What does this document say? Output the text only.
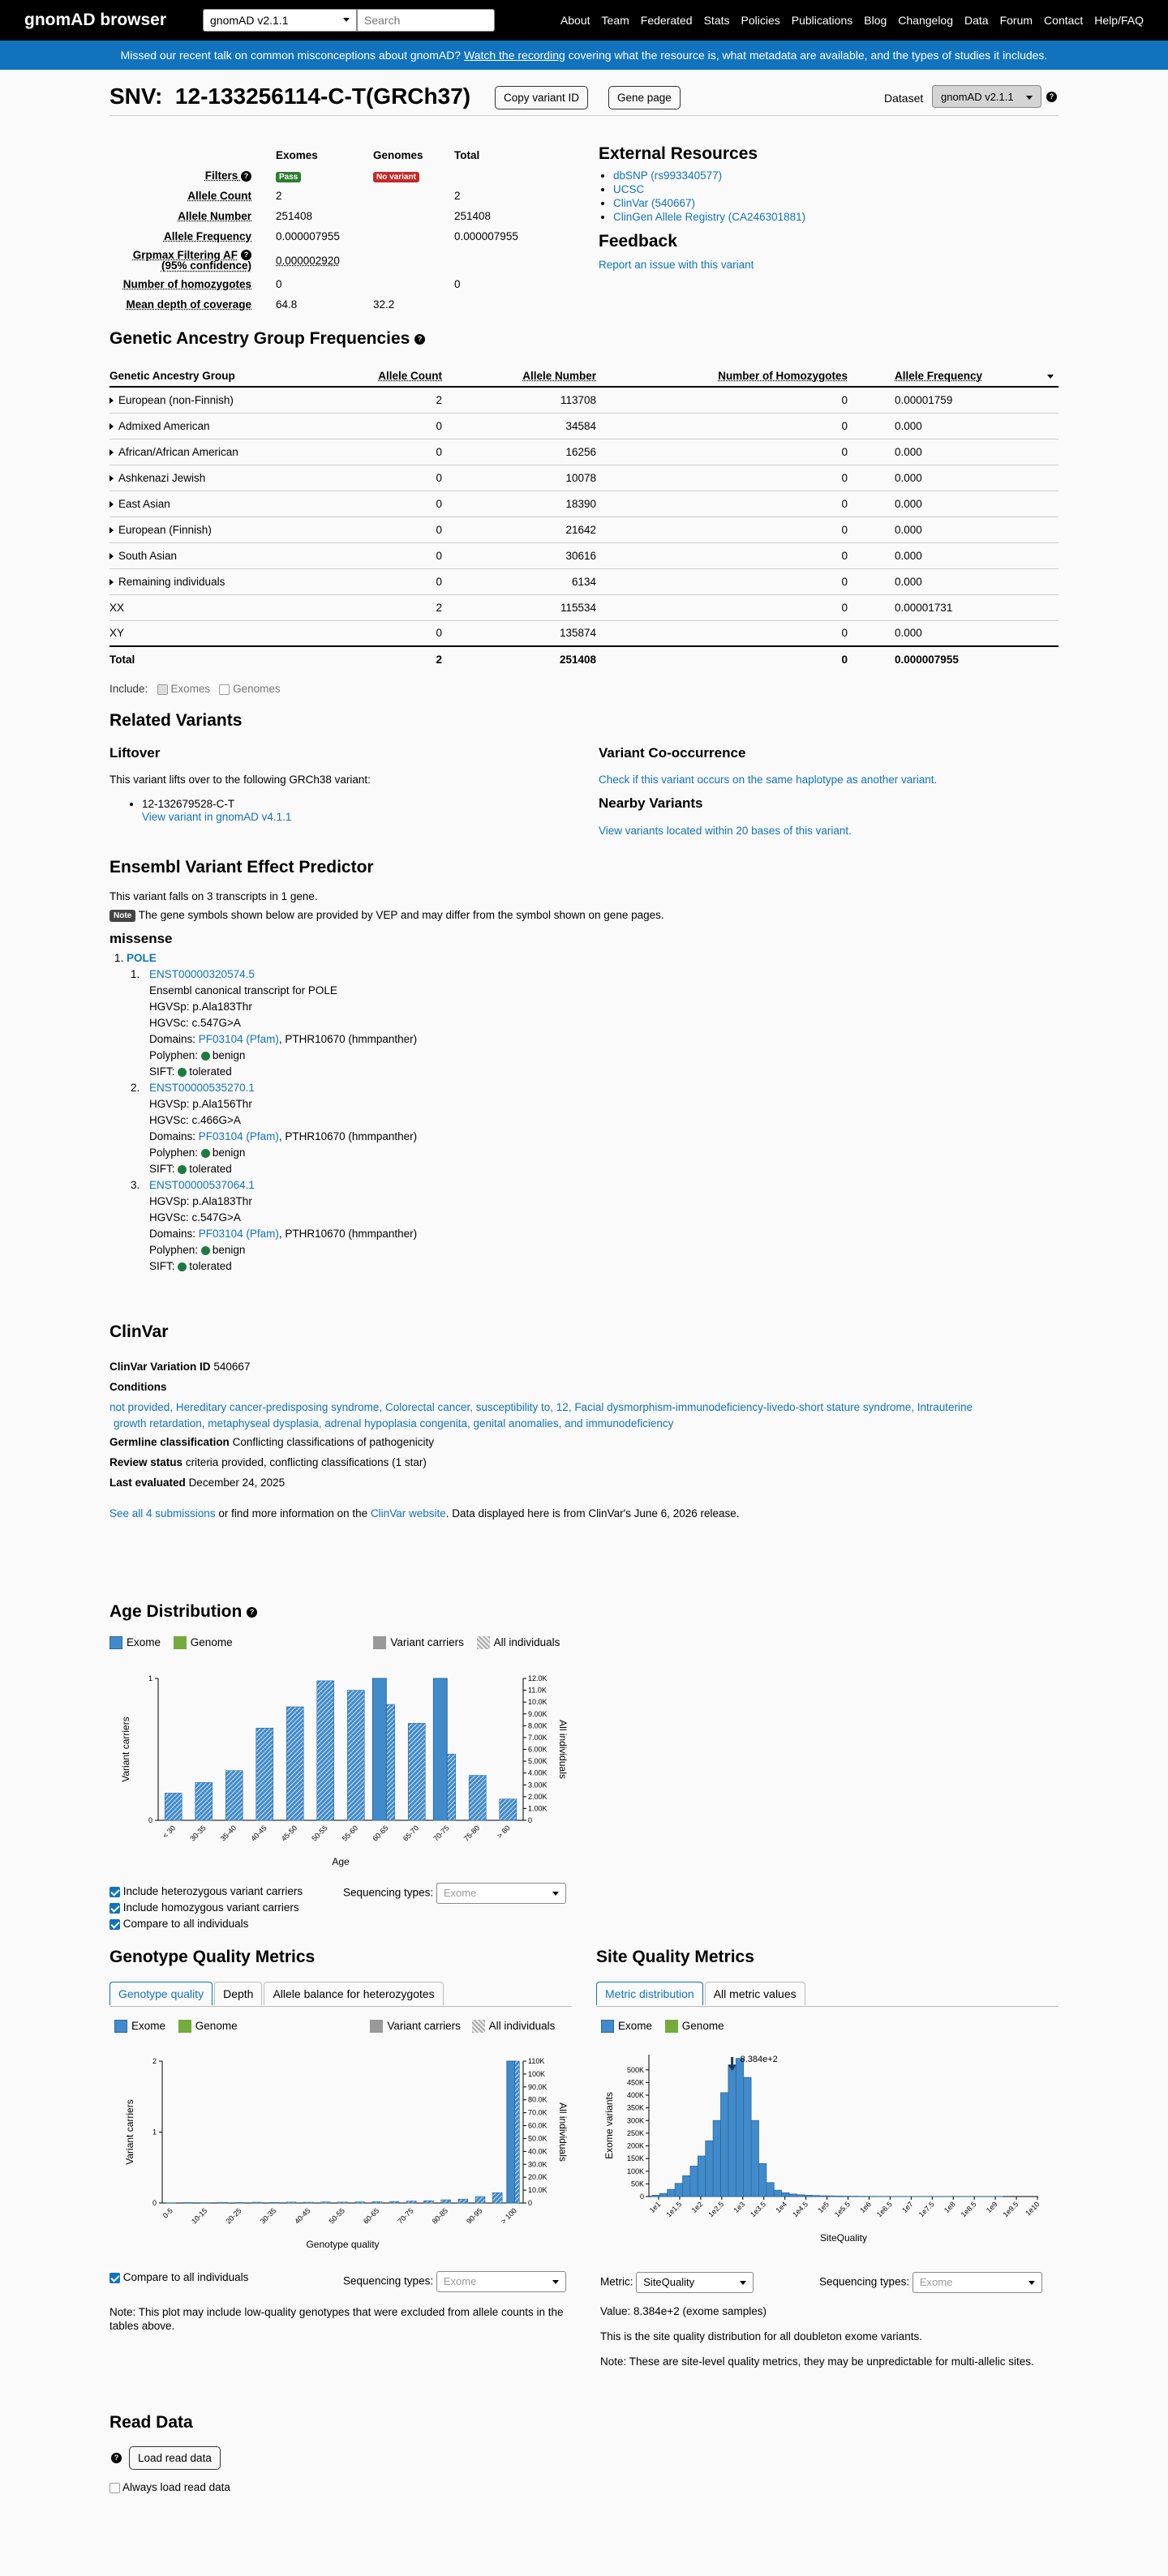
gnomAD browser	gnomAD v2.1.1
Search	About Team Federated Stats Policies Publications Blog Changelog Data Forum Contact Help/FAQ
Missed our recent talk on common misconceptions about gnomAD? Watch the recording covering what the resource is, what metadata are available, and the types of studies it includes.
SNV: 12-133256114-C-T(GRCh37)	Copy variant ID	Gene page	Dataset	gnomAD v2.1.1	?
	Exomes	Genomes	Total
Filters ?	Pass	No variant	
Allele Count	2		2
Allele Number	251408		251408
Allele Frequency	0.000007955		0.000007955
Grpmax Filtering AF ?
(95% confidence)	0.000002920		
Number of homozygotes	0		0
Mean depth of coverage	64.8	32.2	
External Resources
• dbSNP (rs993340577)
• UCSC
• ClinVar (540667)
• ClinGen Allele Registry (CA246301881)
Feedback
Report an issue with this variant
Genetic Ancestry Group Frequencies ?
Genetic Ancestry Group	Allele Count	Allele Number	Number of Homozygotes	Allele Frequency

European (non-Finnish)	2	113708	0	0.00001759
Admixed American	0	34584	0	0.000
African/African American	0	16256	0	0.000
Ashkenazi Jewish	0	10078	0	0.000
East Asian	0	18390	0	0.000
European (Finnish)	0	21642	0	0.000
South Asian	0	30616	0	0.000
Remaining individuals	0	6134	0	0.000
XX	2	115534	0	0.00001731
XY	0	135874	0	0.000
Total	2	251408	0	0.000007955
Include: Exomes Genomes
Related Variants
Liftover
This variant lifts over to the following GRCh38 variant:
• 12-132679528-C-T
View variant in gnomAD v4.1.1
Variant Co-occurrence
Check if this variant occurs on the same haplotype as another variant.
Nearby Variants
View variants located within 20 bases of this variant.
Ensembl Variant Effect Predictor
This variant falls on 3 transcripts in 1 gene.
Note The gene symbols shown below are provided by VEP and may differ from the symbol shown on gene pages.
missense
1. POLE
1. ENST00000320574.5
Ensembl canonical transcript for POLE
HGVSp: p.Ala183Thr
HGVSc: c.547G>A
Domains: PF03104 (Pfam), PTHR10670 (hmmpanther)
Polyphen: benign
SIFT: tolerated
2. ENST00000535270.1
HGVSp: p.Ala156Thr
HGVSc: c.466G>A
Domains: PF03104 (Pfam), PTHR10670 (hmmpanther)
Polyphen: benign
SIFT: tolerated
3. ENST00000537064.1
HGVSp: p.Ala183Thr
HGVSc: c.547G>A
Domains: PF03104 (Pfam), PTHR10670 (hmmpanther)
Polyphen: benign
SIFT: tolerated
ClinVar
ClinVar Variation ID 540667
Conditions
not provided, Hereditary cancer-predisposing syndrome, Colorectal cancer, susceptibility to, 12, Facial dysmorphism-immunodeficiency-livedo-short stature syndrome, Intrauterine
growth retardation, metaphyseal dysplasia, adrenal hypoplasia congenita, genital anomalies, and immunodeficiency
Germline classification Conflicting classifications of pathogenicity
Review status criteria provided, conflicting classifications (1 star)
Last evaluated December 24, 2025
See all 4 submissions or find more information on the ClinVar website. Data displayed here is from ClinVar's June 6, 2026 release.
Age Distribution ?
Exome	Genome	Variant carriers	All individuals
0
1
0
1.00K
2.00K
3.00K
4.00K
5.00K
6.00K
7.00K
8.00K
9.00K
10.0K
11.0K
12.0K
< 30 30-35 35-40 40-45 45-50 50-55 55-60 60-65 65-70 70-75 75-80 > 80
Variant carriers	All individuals
Age
Include heterozygous variant carriers
Include homozygous variant carriers
Compare to all individuals
Sequencing types: Exome
Genotype Quality Metrics
Genotype quality	Depth	Allele balance for heterozygotes
Exome	Genome	Variant carriers	All individuals
0
1
2
0
10.0K
20.0K
30.0K
40.0K
50.0K
60.0K
70.0K
80.0K
90.0K
100K
110K
0-5 10-15 20-25 30-35 40-45 50-55 60-65 70-75 80-85 90-95 > 100
Variant carriers	All individuals
Genotype quality
Compare to all individuals	Sequencing types: Exome
Note: This plot may include low-quality genotypes that were excluded from allele counts in the tables above.
Site Quality Metrics
Metric distribution	All metric values
Exome	Genome
0
50K
100K
150K
200K
250K
300K
350K
400K
450K
500K
1e1 1e1.5 1e2 1e2.5 1e3 1e3.5 1e4 1e4.5 1e5 1e5.5 1e6 1e6.5 1e7 1e7.5 1e8 1e8.5 1e9 1e9.5 1e10
8.384e+2
SiteQuality
Exome variants
Metric: SiteQuality	Sequencing types: Exome
Value: 8.384e+2 (exome samples)
This is the site quality distribution for all doubleton exome variants.
Note: These are site-level quality metrics, they may be unpredictable for multi-allelic sites.
Read Data
?	Load read data
Always load read data
